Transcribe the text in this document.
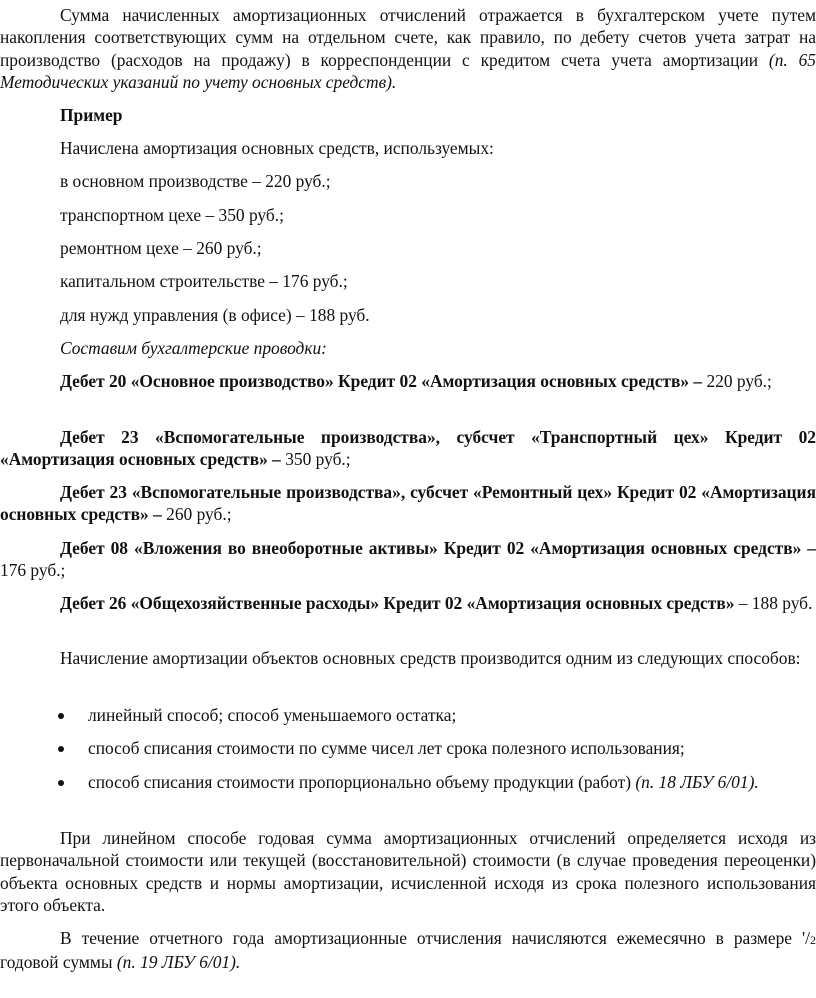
Сумма начисленных амортизационных отчислений отражается в бухгалтерском учете путем накопления соответствующих сумм на отдельном счете, как правило, по дебету счетов учета затрат на производство (расходов на продажу) в корреспонденции с кредитом счета учета амортизации (п. 65 Методических указаний по учету основных средств).

Пример

Начислена амортизация основных средств, используемых:

в основном производстве – 220 руб.;

транспортном цехе – 350 руб.;

ремонтном цехе – 260 руб.;

капитальном строительстве – 176 руб.;

для нужд управления (в офисе) – 188 руб.

Составим бухгалтерские проводки:

Дебет 20 «Основное производство» Кредит 02 «Амортизация основных средств» – 220 руб.;

Дебет 23 «Вспомогательные производства», субсчет «Транспортный цех» Кредит 02 «Амортизация основных средств» – 350 руб.;

Дебет 23 «Вспомогательные производства», субсчет «Ремонтный цех» Кредит 02 «Амортизация основных средств» – 260 руб.;

Дебет 08 «Вложения во внеоборотные активы» Кредит 02 «Амортизация основных средств» – 176 руб.;

Дебет 26 «Общехозяйственные расходы» Кредит 02 «Амортизация основных средств» – 188 руб.

Начисление амортизации объектов основных средств производится одним из следующих способов:

линейный способ; способ уменьшаемого остатка;

способ списания стоимости по сумме чисел лет срока полезного использования;

способ списания стоимости пропорционально объему продукции (работ) (п. 18 ЛБУ 6/01).

При линейном способе годовая сумма амортизационных отчислений определяется исходя из первоначальной стоимости или текущей (восстановительной) стоимости (в случае проведения переоценки) объекта основных средств и нормы амортизации, исчисленной исходя из срока полезного использования этого объекта.

В течение отчетного года амортизационные отчисления начисляются ежемесячно в размере '/2 годовой суммы (п. 19 ЛБУ 6/01).
